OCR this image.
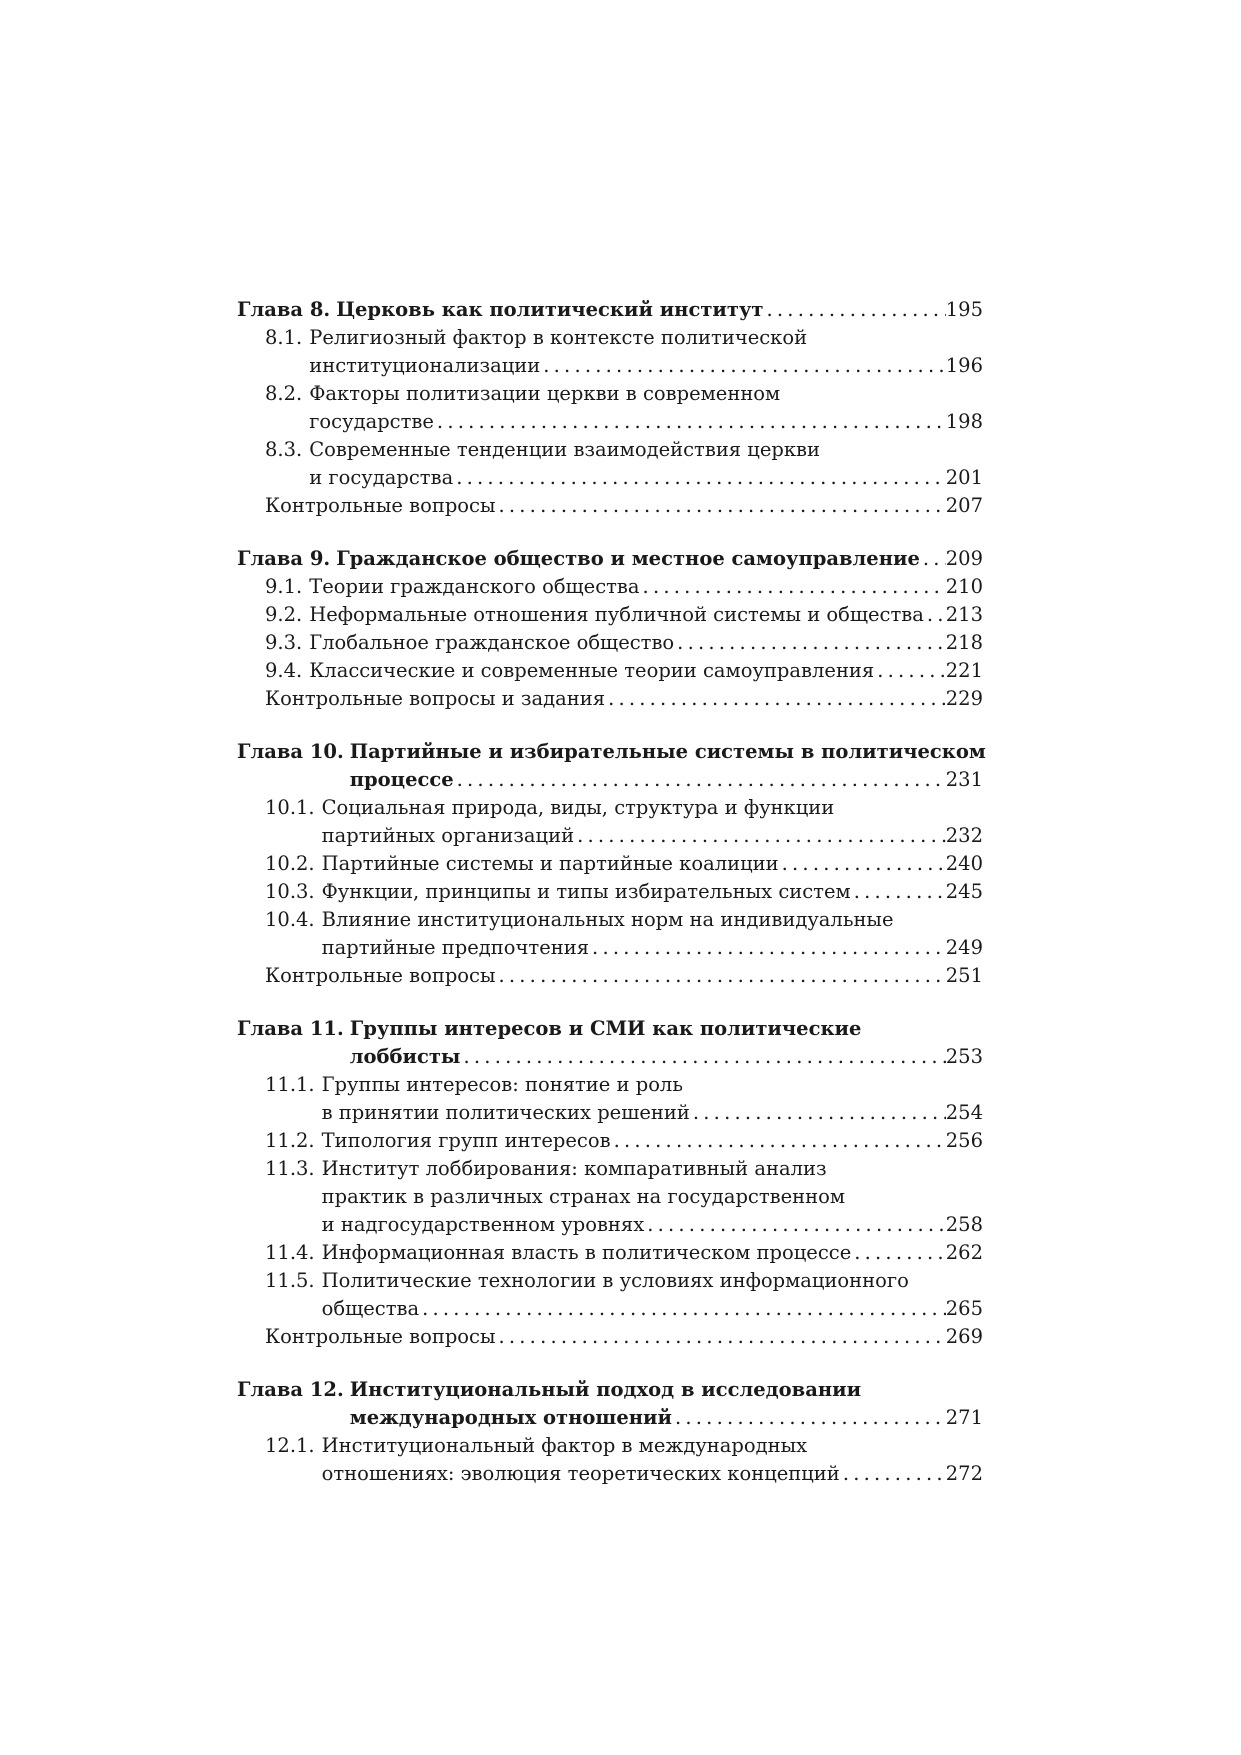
Глава 8. Церковь как политический институт . . .	195
8.1. Религиозный фактор в контексте политической
институционализации . . .	196
8.2. Факторы политизации церкви в современном
государстве . . .	198
8.3. Современные тенденции взаимодействия церкви
и государства . . .	201
Контрольные вопросы . . .	207
Глава 9. Гражданское общество и местное самоуправление . . . 209
9.1. Теории гражданского общества . . .	210
9.2. Неформальные отношения публичной системы и общества . . . 213
9.3. Глобальное гражданское общество . . .	218
9.4. Классические и современные теории самоуправления . . .	221
Контрольные вопросы и задания . . .	229
Глава 10. Партийные и избирательные системы в политическом
процессе . . .	231
10.1. Социальная природа, виды, структура и функции
партийных организаций . . .	232
10.2. Партийные системы и партийные коалиции . . .	240
10.3. Функции, принципы и типы избирательных систем . . .	245
10.4. Влияние институциональных норм на индивидуальные
партийные предпочтения . . .	249
Контрольные вопросы . . .	251
Глава 11. Группы интересов и СМИ как политические
лоббисты . . .	253
11.1. Группы интересов: понятие и роль
в принятии политических решений . . .	254
11.2. Типология групп интересов . . .	256
11.3. Институт лоббирования: компаративный анализ
практик в различных странах на государственном
и надгосударственном уровнях . . .	258
11.4. Информационная власть в политическом процессе . . .	262
11.5. Политические технологии в условиях информационного
общества . . .	265
Контрольные вопросы . . .	269
Глава 12. Институциональный подход в исследовании
международных отношений . . .	271
12.1. Институциональный фактор в международных
отношениях: эволюция теоретических концепций . . .	272
